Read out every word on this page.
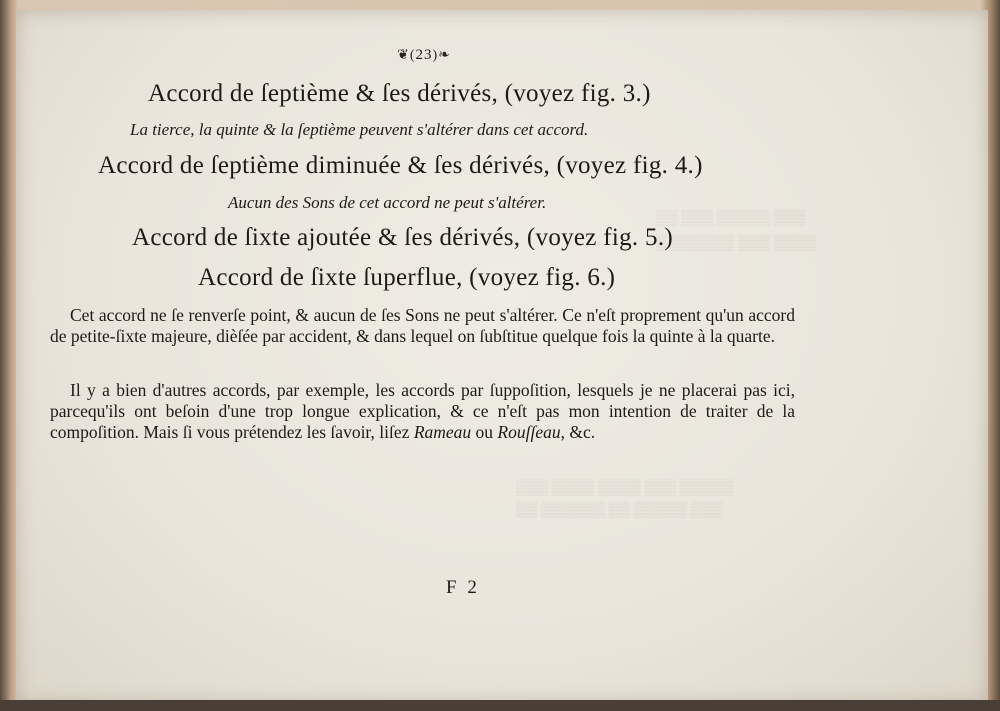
▒▒▒ ▒▒▒▒▒ ▒▒▒ ▒▒
▒▒▒▒ ▒▒▒ ▒▒▒▒▒▒ ▒
▒▒▒▒▒ ▒▒▒ ▒▒▒▒ ▒▒▒▒ ▒▒▒
▒▒▒ ▒▒▒▒▒ ▒▒ ▒▒▒▒▒▒ ▒▒
❦(23)❧
Accord de ſeptième & ſes dérivés, (voyez fig. 3.)
La tierce, la quinte & la ſeptième peuvent s'altérer dans cet accord.
Accord de ſeptième diminuée & ſes dérivés, (voyez fig. 4.)
Aucun des Sons de cet accord ne peut s'altérer.
Accord de ſixte ajoutée & ſes dérivés, (voyez fig. 5.)
Accord de ſixte ſuperflue, (voyez fig. 6.)
Cet accord ne ſe renverſe point, & aucun de ſes Sons ne peut s'altérer. Ce n'eſt proprement qu'un accord de petite-ſixte majeure, dièſée par accident, & dans lequel on ſubſtitue quelque fois la quinte à la quarte.
Il y a bien d'autres accords, par exemple, les accords par ſuppoſition, lesquels je ne placerai pas ici, parcequ'ils ont beſoin d'une trop longue explication, & ce n'eſt pas mon intention de traiter de la compoſition. Mais ſi vous prétendez les ſavoir, liſez Rameau ou Rouſſeau, &c.
F 2
